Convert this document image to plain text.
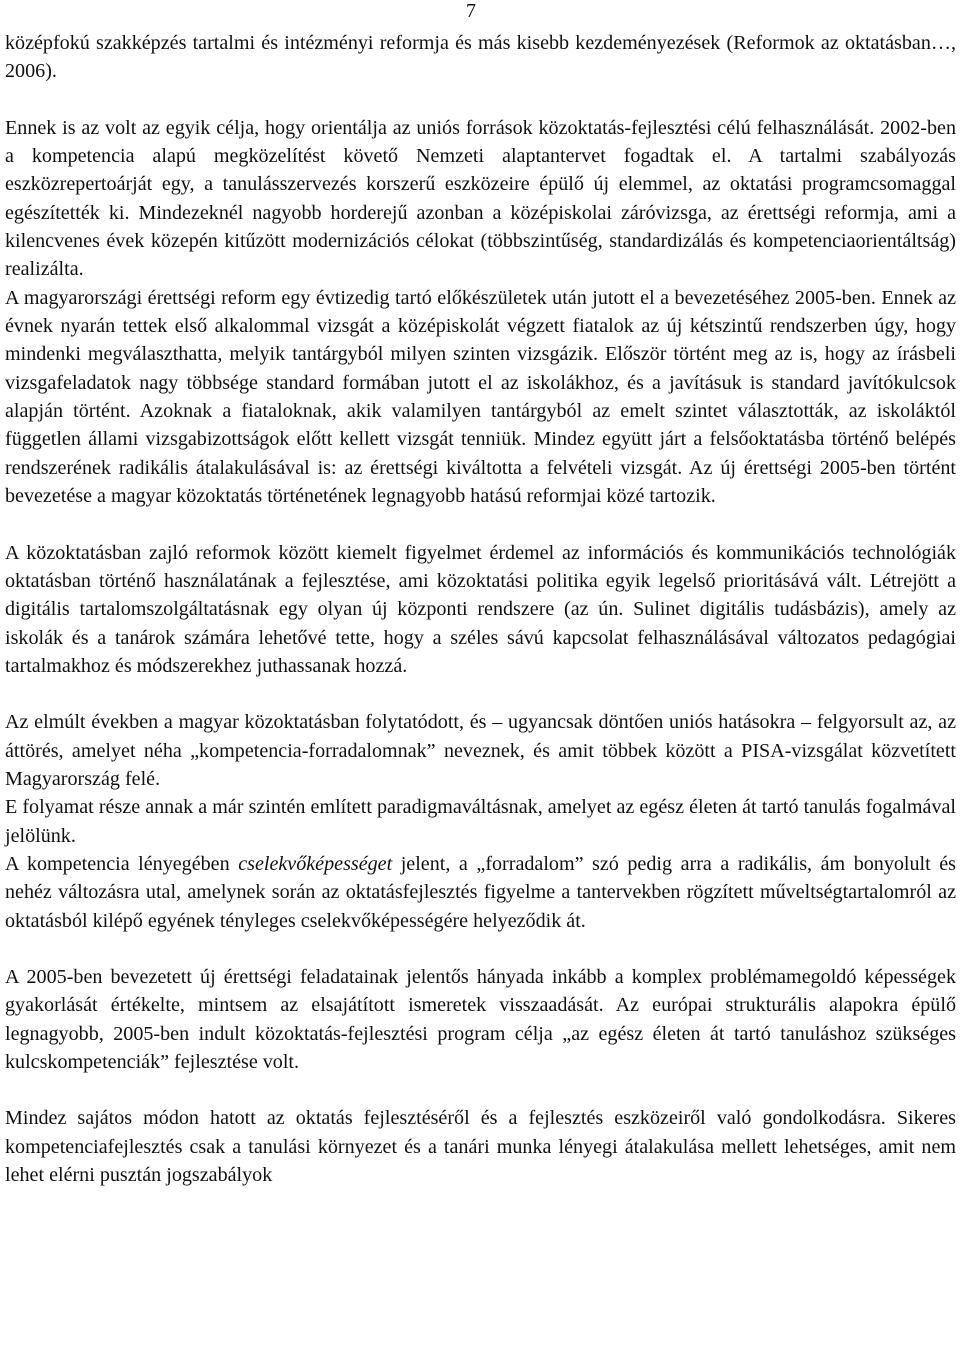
7

középfokú szakképzés tartalmi és intézményi reformja és más kisebb kezdeményezések (Reformok az oktatásban…, 2006).

Ennek is az volt az egyik célja, hogy orientálja az uniós források közoktatás-fejlesztési célú felhasználását. 2002-ben a kompetencia alapú megközelítést követő Nemzeti alaptantervet fogadtak el. A tartalmi szabályozás eszközrepertoárját egy, a tanulásszervezés korszerű eszközeire épülő új elemmel, az oktatási programcsomaggal egészítették ki. Mindezeknél nagyobb horderejű azonban a középiskolai záróvizsga, az érettségi reformja, ami a kilencvenes évek közepén kitűzött modernizációs célokat (többszintűség, standardizálás és kompetenciaorientáltság) realizálta.

A magyarországi érettségi reform egy évtizedig tartó előkészületek után jutott el a bevezetéséhez 2005-ben. Ennek az évnek nyarán tettek első alkalommal vizsgát a középiskolát végzett fiatalok az új kétszintű rendszerben úgy, hogy mindenki megválaszthatta, melyik tantárgyból milyen szinten vizsgázik. Először történt meg az is, hogy az írásbeli vizsgafeladatok nagy többsége standard formában jutott el az iskolákhoz, és a javításuk is standard javítókulcsok alapján történt. Azoknak a fiataloknak, akik valamilyen tantárgyból az emelt szintet választották, az iskoláktól független állami vizsgabizottságok előtt kellett vizsgát tenniük. Mindez együtt járt a felsőoktatásba történő belépés rendszerének radikális átalakulásával is: az érettségi kiváltotta a felvételi vizsgát. Az új érettségi 2005-ben történt bevezetése a magyar közoktatás történetének legnagyobb hatású reformjai közé tartozik.

A közoktatásban zajló reformok között kiemelt figyelmet érdemel az információs és kommunikációs technológiák oktatásban történő használatának a fejlesztése, ami közoktatási politika egyik legelső prioritásává vált. Létrejött a digitális tartalomszolgáltatásnak egy olyan új központi rendszere (az ún. Sulinet digitális tudásbázis), amely az iskolák és a tanárok számára lehetővé tette, hogy a széles sávú kapcsolat felhasználásával változatos pedagógiai tartalmakhoz és módszerekhez juthassanak hozzá.

Az elmúlt években a magyar közoktatásban folytatódott, és – ugyancsak döntően uniós hatásokra – felgyorsult az, az áttörés, amelyet néha „kompetencia-forradalomnak” neveznek, és amit többek között a PISA-vizsgálat közvetített Magyarország felé.

E folyamat része annak a már szintén említett paradigmaváltásnak, amelyet az egész életen át tartó tanulás fogalmával jelölünk.

A kompetencia lényegében cselekvőképességet jelent, a „forradalom” szó pedig arra a radikális, ám bonyolult és nehéz változásra utal, amelynek során az oktatásfejlesztés figyelme a tantervekben rögzített műveltségtartalomról az oktatásból kilépő egyének tényleges cselekvőképességére helyeződik át.

A 2005-ben bevezetett új érettségi feladatainak jelentős hányada inkább a komplex problémamegoldó képességek gyakorlását értékelte, mintsem az elsajátított ismeretek visszaadását. Az európai strukturális alapokra épülő legnagyobb, 2005-ben indult közoktatás-fejlesztési program célja „az egész életen át tartó tanuláshoz szükséges kulcskompetenciák” fejlesztése volt.

Mindez sajátos módon hatott az oktatás fejlesztéséről és a fejlesztés eszközeiről való gondolkodásra. Sikeres kompetenciafejlesztés csak a tanulási környezet és a tanári munka lényegi átalakulása mellett lehetséges, amit nem lehet elérni pusztán jogszabályok
